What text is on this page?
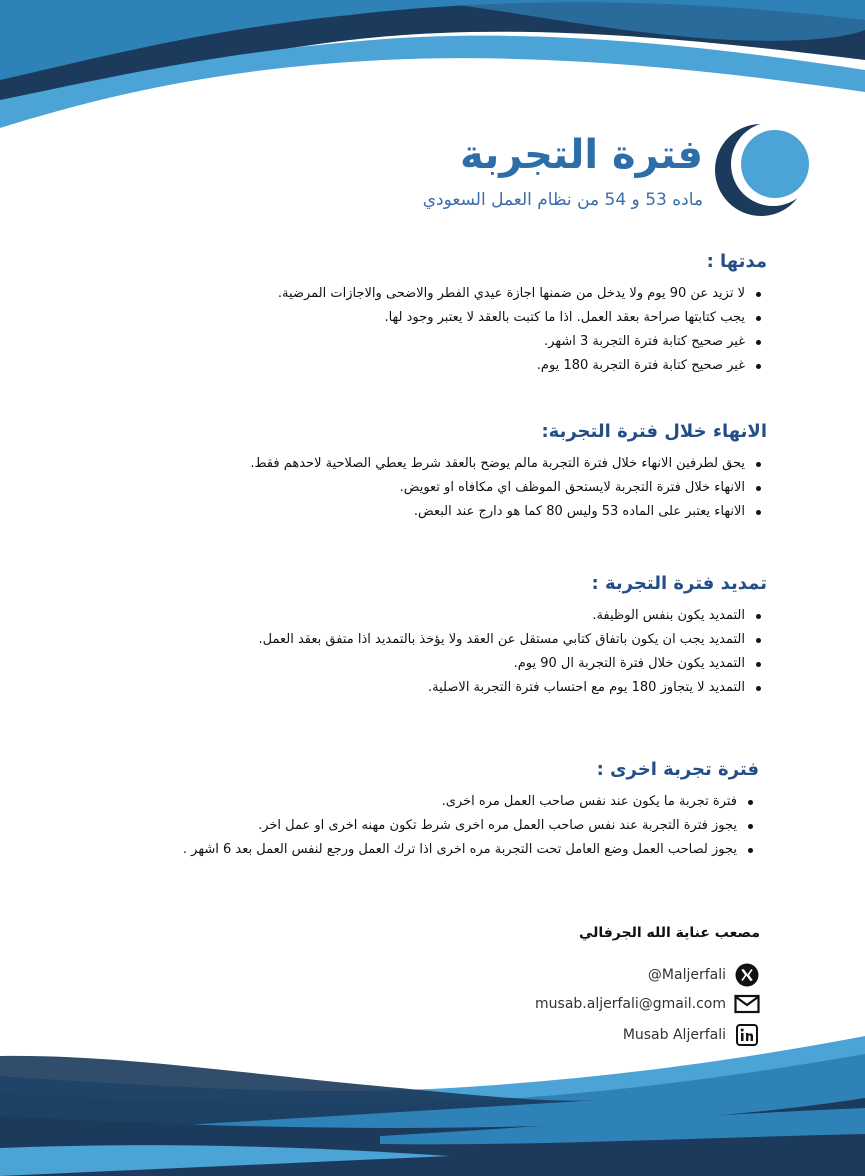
فترة التجربة

ماده 53 و 54 من نظام العمل السعودي

مدتها :
لا تزيد عن 90 يوم ولا يدخل من ضمنها اجازة عيدي الفطر والاضحى والاجازات المرضية.
يجب كتابتها صراحة بعقد العمل. اذا ما كتبت بالعقد لا يعتبر وجود لها.
غير صحيح كتابة فترة التجربة 3 اشهر.
غير صحيح كتابة فترة التجربة 180 يوم.
الانهاء خلال فترة التجربة:
يحق لطرفين الانهاء خلال فترة التجربة مالم يوضح بالعقد شرط يعطي الصلاحية لاحدهم فقط.
الانهاء خلال فترة التجربة لايستحق الموظف اي مكافاه او تعويض.
الانهاء يعتبر على الماده 53 وليس 80 كما هو دارج عند البعض.
تمديد فترة التجربة :
التمديد يكون بنفس الوظيفة.
التمديد يجب ان يكون باتفاق كتابي مستقل عن العقد ولا يؤخذ بالتمديد اذا متفق بعقد العمل.
التمديد يكون خلال فترة التجربة ال 90 يوم.
التمديد لا يتجاوز 180 يوم مع احتساب فترة التجربة الاصلية.
فترة تجربة اخرى :
فترة تجربة ما يكون عند نفس صاحب العمل مره اخرى.
يجوز فترة التجربة عند نفس صاحب العمل مره اخرى شرط تكون مهنه اخرى او عمل اخر.
يجوز لصاحب العمل وضع العامل تحت التجربة مره اخرى اذا ترك العمل ورجع لنفس العمل بعد 6 اشهر .
مصعب عناية الله الجرفالي
@Maljerfali
musab.aljerfali@gmail.com
Musab Aljerfali
